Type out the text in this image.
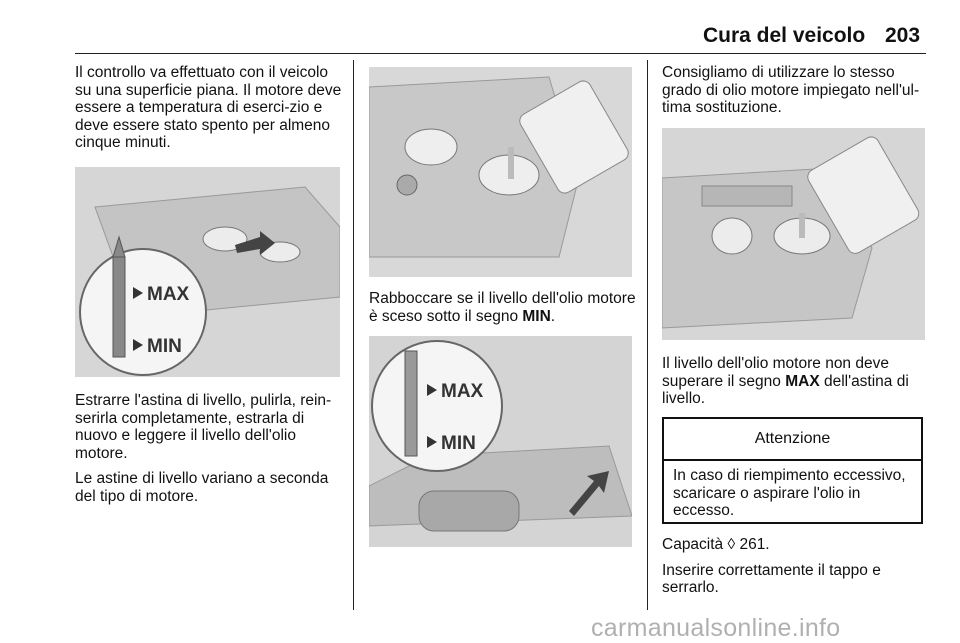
Cura del veicolo 203

Il controllo va effettuato con il veicolo su una superficie piana. Il motore deve essere a temperatura di eserci-zio e deve essere stato spento per almeno cinque minuti.

MAX
MIN

Estrarre l'astina di livello, pulirla, rein-serirla completamente, estrarla di nuovo e leggere il livello dell'olio motore.

Le astine di livello variano a seconda del tipo di motore.

Rabboccare se il livello dell'olio motore è sceso sotto il segno MIN.

MAX
MIN

Consigliamo di utilizzare lo stesso grado di olio motore impiegato nell'ul-tima sostituzione.

Il livello dell'olio motore non deve superare il segno MAX dell'astina di livello.

Attenzione
In caso di riempimento eccessivo, scaricare o aspirare l'olio in eccesso.

Capacità ◊ 261.

Inserire correttamente il tappo e serrarlo.

carmanualsonline.info
